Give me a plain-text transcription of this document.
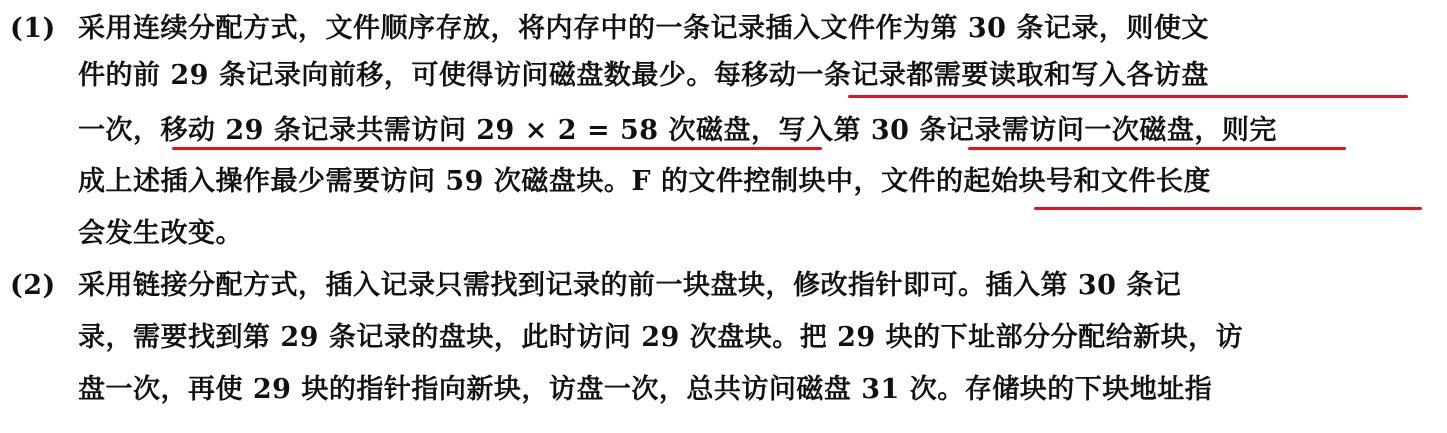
(1) 采用连续分配方式，文件顺序存放，将内存中的一条记录插入文件作为第 30 条记录，则使文
件的前 29 条记录向前移，可使得访问磁盘数最少。每移动一条记录都需要读取和写入各访盘
一次，移动 29 条记录共需访问 29 × 2 = 58 次磁盘，写入第 30 条记录需访问一次磁盘，则完
成上述插入操作最少需要访问 59 次磁盘块。F 的文件控制块中，文件的起始块号和文件长度
会发生改变。
(2) 采用链接分配方式，插入记录只需找到记录的前一块盘块，修改指针即可。插入第 30 条记
录，需要找到第 29 条记录的盘块，此时访问 29 次盘块。把 29 块的下址部分分配给新块，访
盘一次，再使 29 块的指针指向新块，访盘一次，总共访问磁盘 31 次。存储块的下块地址指
